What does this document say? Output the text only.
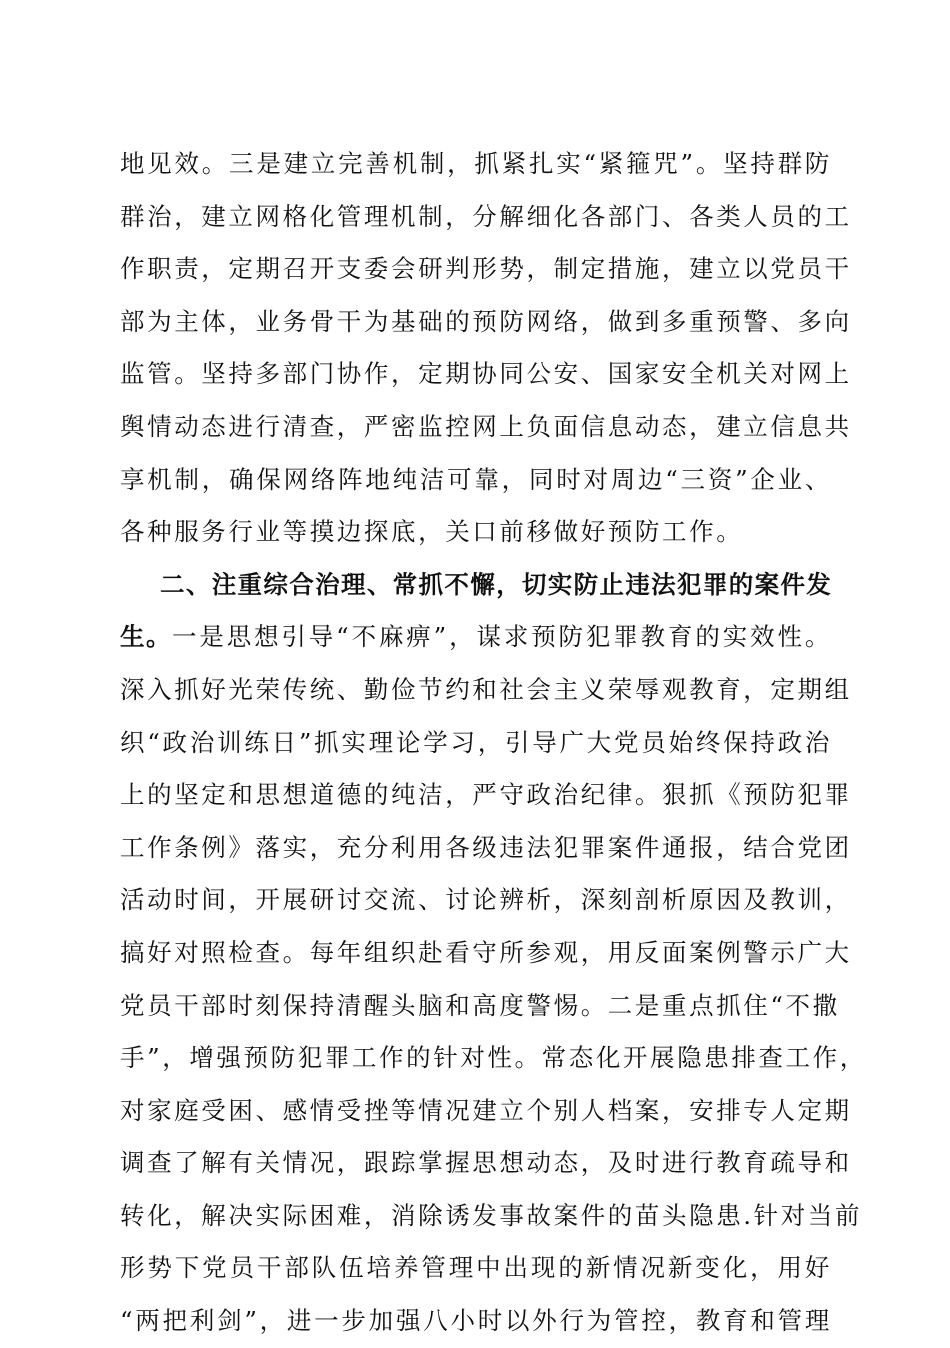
地见效。三是建立完善机制，抓紧扎实“紧箍咒”。坚持群防
群治，建立网格化管理机制，分解细化各部门、各类人员的工
作职责，定期召开支委会研判形势，制定措施，建立以党员干
部为主体，业务骨干为基础的预防网络，做到多重预警、多向
监管。坚持多部门协作，定期协同公安、国家安全机关对网上
舆情动态进行清查，严密监控网上负面信息动态，建立信息共
享机制，确保网络阵地纯洁可靠，同时对周边“三资”企业、
各种服务行业等摸边探底，关口前移做好预防工作。
二、注重综合治理、常抓不懈，切实防止违法犯罪的案件发
生。一是思想引导“不麻痹”，谋求预防犯罪教育的实效性。
深入抓好光荣传统、勤俭节约和社会主义荣辱观教育，定期组
织“政治训练日”抓实理论学习，引导广大党员始终保持政治
上的坚定和思想道德的纯洁，严守政治纪律。狠抓《预防犯罪
工作条例》落实，充分利用各级违法犯罪案件通报，结合党团
活动时间，开展研讨交流、讨论辨析，深刻剖析原因及教训，
搞好对照检查。每年组织赴看守所参观，用反面案例警示广大
党员干部时刻保持清醒头脑和高度警惕。二是重点抓住“不撒
手”，增强预防犯罪工作的针对性。常态化开展隐患排查工作，
对家庭受困、感情受挫等情况建立个别人档案，安排专人定期
调查了解有关情况，跟踪掌握思想动态，及时进行教育疏导和
转化，解决实际困难，消除诱发事故案件的苗头隐患.针对当前
形势下党员干部队伍培养管理中出现的新情况新变化，用好
“两把利剑”，进一步加强八小时以外行为管控，教育和管理
